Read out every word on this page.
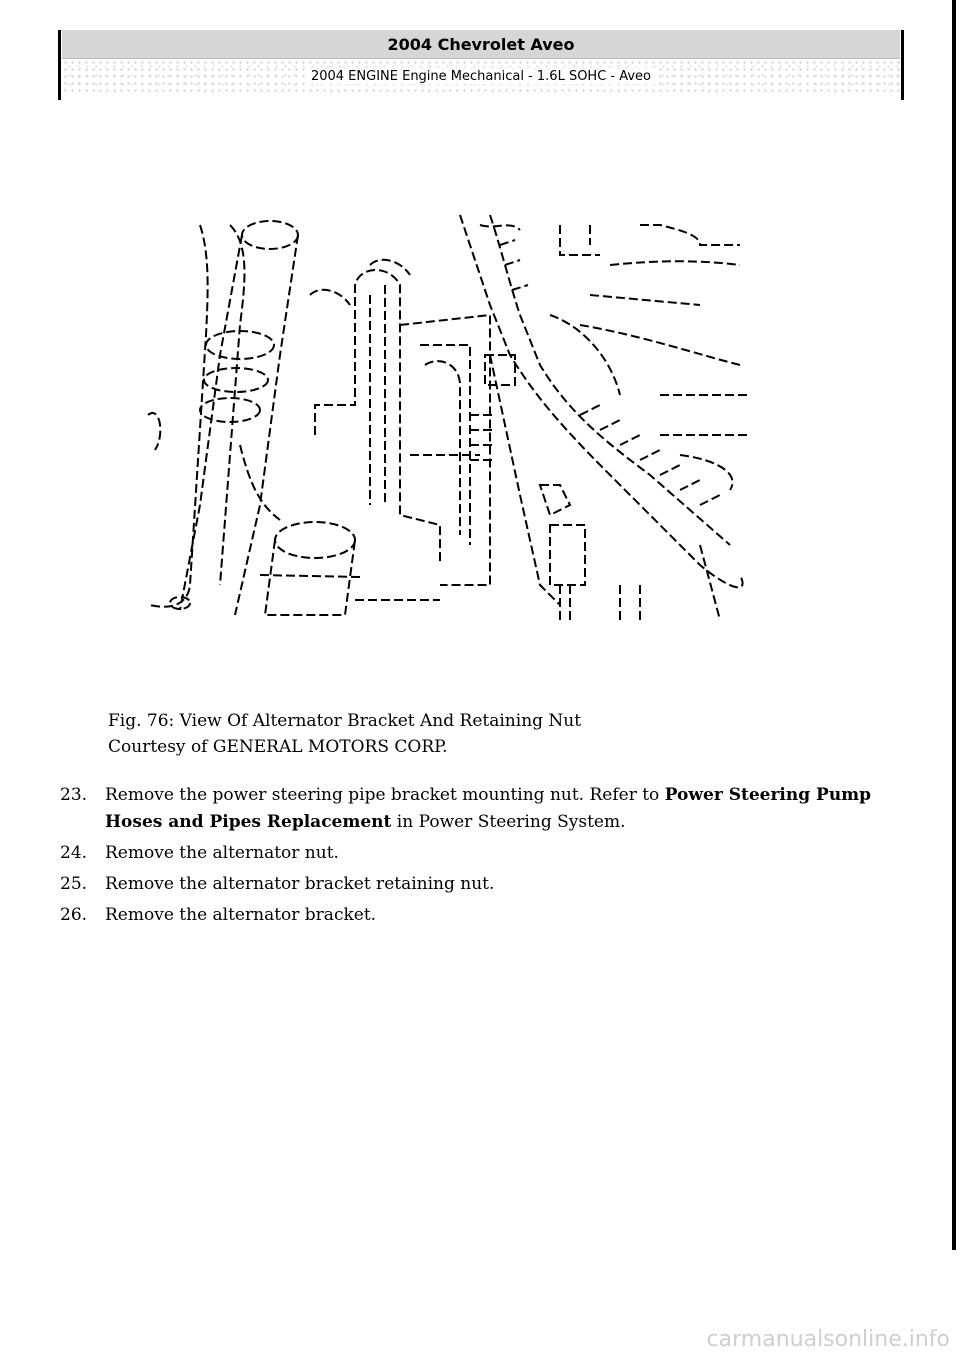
2004 Chevrolet Aveo
2004 ENGINE Engine Mechanical - 1.6L SOHC - Aveo
Fig. 76: View Of Alternator Bracket And Retaining Nut
Courtesy of GENERAL MOTORS CORP.
23.	Remove the power steering pipe bracket mounting nut. Refer to Power Steering Pump Hoses and Pipes Replacement in Power Steering System.
24.	Remove the alternator nut.
25.	Remove the alternator bracket retaining nut.
26.	Remove the alternator bracket.
carmanualsonline.info
